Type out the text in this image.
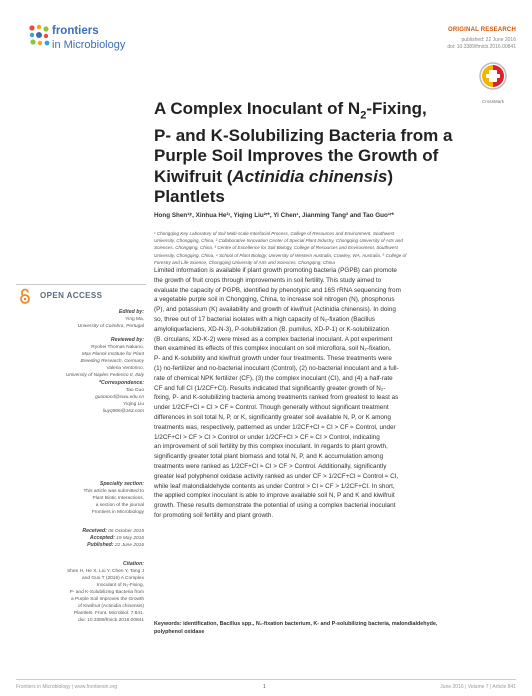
frontiers
in Microbiology
ORIGINAL RESEARCH
published: 22 June 2016
doi: 10.3389/fmicb.2016.00841
CrossMark
A Complex Inoculant of $N_2$-Fixing,
P- and K-Solubilizing Bacteria from a
Purple Soil Improves the Growth of
Kiwifruit (Actinidia chinensis)
Plantlets
Hong Shen¹ʲʳ, Xinhua He²ʴ, Yiqing Liu²ʳ*, Yi Chen¹, Jianming Tang² and Tao Guo¹ʳ*
¹ Chongqing Key Laboratory of Soil Multi-scale Interfacial Process, College of Resources and Environment, Southwest
University, Chongqing, China, ² Collaborative Innovation Center of Special Plant Industry, Chongqing University of Arts and
Sciences, Chongqing, China, ³ Centre of Excellence for Soil Biology, College of Resources and Environment, Southwest
University, Chongqing, China, ⁴ School of Plant Biology, University of Western Australia, Crawley, WA, Australia, ⁵ College of
Forestry and Life Science, Chongqing University of Arts and Sciences, Chongqing, China

Limited information is available if plant growth promoting bacteria (PGPB) can promote

the growth of fruit crops through improvements in soil fertility. This study aimed to

evaluate the capacity of PGPB, identified by phenotypic and 16S rRNA sequencing from

a vegetable purple soil in Chongqing, China, to increase soil nitrogen (N), phosphorus

(P), and potassium (K) availability and growth of kiwifruit (Actinidia chinensis). In doing

so, three out of 17 bacterial isolates with a high capacity of N₂-fixation (Bacillus

amyloliquefaciens, XD-N-3), P-solubilization (B. pumilus, XD-P-1) or K-solubilization

(B. circulans, XD-K-2) were mixed as a complex bacterial inoculant. A pot experiment

then examined its effects of this complex inoculant on soil microflora, soil N₂-fixation,

P- and K-solubility and kiwifruit growth under four treatments. These treatments were

(1) no-fertilizer and no-bacterial inoculant (Control), (2) no-bacterial inoculant and a full-

rate of chemical NPK fertilizer (CF), (3) the complex inoculant (CI), and (4) a half-rate

CF and full CI (1/2CF+CI). Results indicated that significantly greater growth of N₂-

fixing, P- and K-solubilizing bacteria among treatments ranked from greatest to least as

under 1/2CF+CI ≈ CI > CF ≈ Control. Though generally without significant treatment

differences in soil total N, P, or K, significantly greater soil available N, P, or K among

treatments was, respectively, patterned as under 1/2CF+CI ≈ CI > CF ≈ Control, under

1/2CF+CI > CF > CI > Control or under 1/2CF+CI > CF ≈ CI > Control, indicating

an improvement of soil fertility by this complex inoculant. In regards to plant growth,

significantly greater total plant biomass and total N, P, and K accumulation among

treatments were ranked as 1/2CF+CI ≈ CI > CF > Control. Additionally, significantly

greater leaf polyphenol oxidase activity ranked as under CF > 1/2CF+CI ≈ Control ≈ CI,

while leaf malondialdehyde contents as under Control > CI ≈ CF > 1/2CF+CI. In short,

the applied complex inoculant is able to improve available soil N, P and K and kiwifruit

growth. These results demonstrate the potential of using a complex bacterial inoculant

for promoting soil fertility and plant growth.

Keywords: identification, Bacillus spp., N₂-fixation bacterium, K- and P-solubilizing bacteria, malondialdehyde,
polyphenol oxidase
OPEN ACCESS
Edited by:
Ying Ma,
University of Coimbra, Portugal
Reviewed by:
Ryohei Thomas Nakano,
Max Planck Institute for Plant
Breeding Research, Germany
Valeria Ventorino,
University of Naples Federico II, Italy
*Correspondence:
Tao Guo
guotaocd@swu.edu.cn
Yiqing Liu
liuyq906@163.com
Specialty section:
This article was submitted to
Plant Biotic Interactions,
a section of the journal
Frontiers in Microbiology
Received: 06 October 2015
Accepted: 19 May 2016
Published: 22 June 2016
Citation:
Shen H, He X, Liu Y, Chen Y, Tang J
and Guo T (2016) A Complex
Inoculant of N₂-Fixing,
P- and K-Solubilizing Bacteria from
a Purple Soil Improves the Growth
of Kiwifruit (Actinidia chinensis)
Plantlets. Front. Microbiol. 7:841.
doi: 10.3389/fmicb.2016.00841
Frontiers in Microbiology | www.frontiersin.org	1	June 2016 | Volume 7 | Article 841
